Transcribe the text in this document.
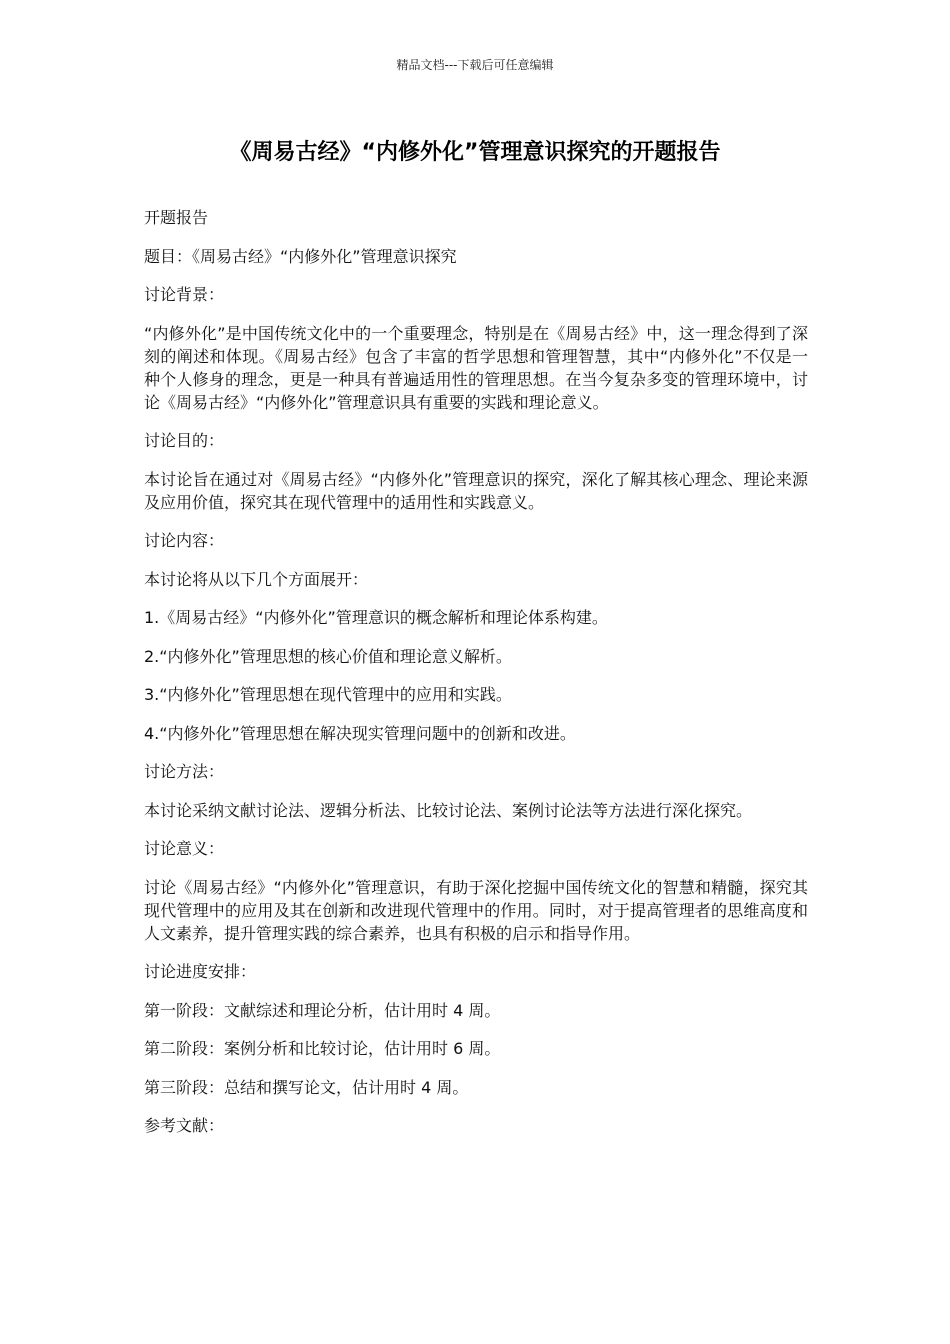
精品文档---下载后可任意编辑
《周易古经》“内修外化”管理意识探究的开题报告

开题报告

题目：《周易古经》“内修外化”管理意识探究

讨论背景：

“内修外化”是中国传统文化中的一个重要理念，特别是在《周易古经》中，这一理念得到了深刻的阐述和体现。《周易古经》包含了丰富的哲学思想和管理智慧，其中“内修外化”不仅是一种个人修身的理念，更是一种具有普遍适用性的管理思想。在当今复杂多变的管理环境中，讨论《周易古经》“内修外化”管理意识具有重要的实践和理论意义。

讨论目的：

本讨论旨在通过对《周易古经》“内修外化”管理意识的探究，深化了解其核心理念、理论来源及应用价值，探究其在现代管理中的适用性和实践意义。

讨论内容：

本讨论将从以下几个方面展开：

1.《周易古经》“内修外化”管理意识的概念解析和理论体系构建。

2.“内修外化”管理思想的核心价值和理论意义解析。

3.“内修外化”管理思想在现代管理中的应用和实践。

4.“内修外化”管理思想在解决现实管理问题中的创新和改进。

讨论方法：

本讨论采纳文献讨论法、逻辑分析法、比较讨论法、案例讨论法等方法进行深化探究。

讨论意义：

讨论《周易古经》“内修外化”管理意识，有助于深化挖掘中国传统文化的智慧和精髓，探究其现代管理中的应用及其在创新和改进现代管理中的作用。同时，对于提高管理者的思维高度和人文素养，提升管理实践的综合素养，也具有积极的启示和指导作用。

讨论进度安排：

第一阶段：文献综述和理论分析，估计用时 4 周。

第二阶段：案例分析和比较讨论，估计用时 6 周。

第三阶段：总结和撰写论文，估计用时 4 周。

参考文献：
